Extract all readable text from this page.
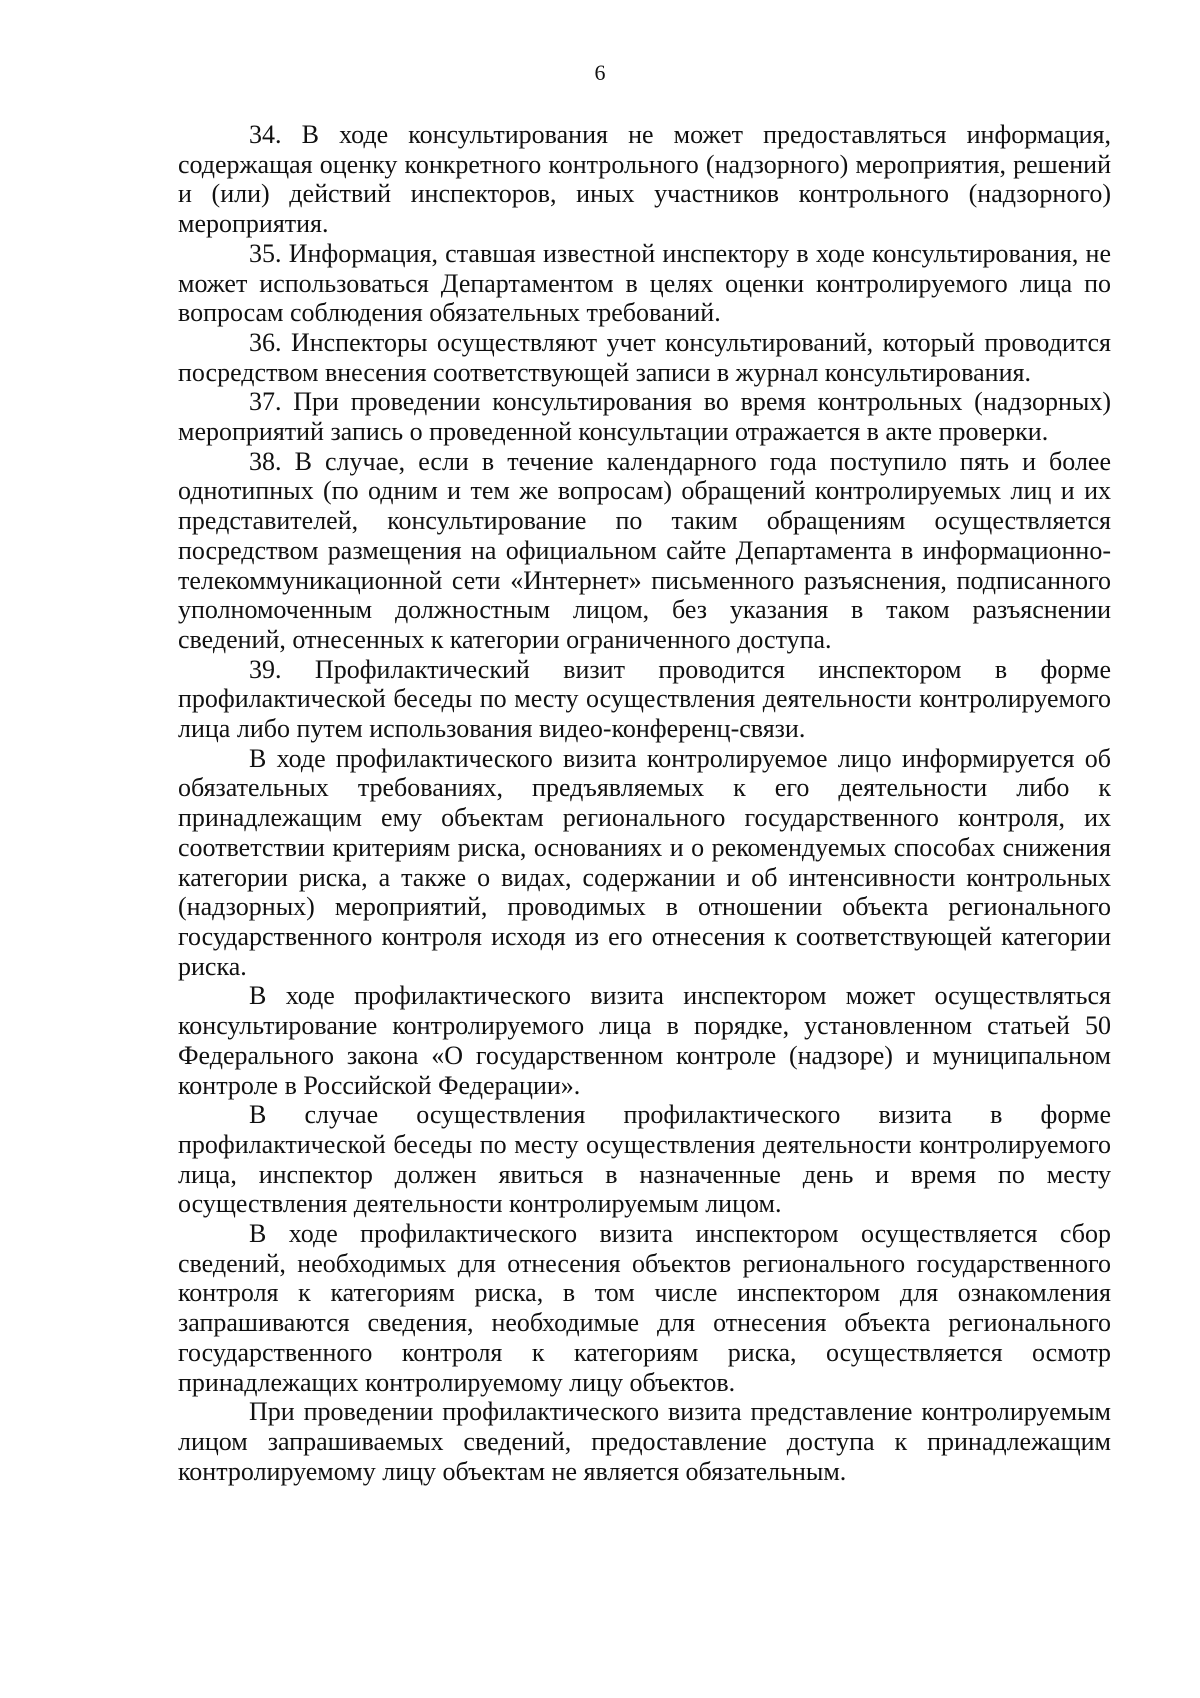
6

34. В ходе консультирования не может предоставляться информация, содержащая оценку конкретного контрольного (надзорного) мероприятия, решений и (или) действий инспекторов, иных участников контрольного (надзорного) мероприятия.

35. Информация, ставшая известной инспектору в ходе консультирования, не может использоваться Департаментом в целях оценки контролируемого лица по вопросам соблюдения обязательных требований.

36. Инспекторы осуществляют учет консультирований, который проводится посредством внесения соответствующей записи в журнал консультирования.

37. При проведении консультирования во время контрольных (надзорных) мероприятий запись о проведенной консультации отражается в акте проверки.

38. В случае, если в течение календарного года поступило пять и более однотипных (по одним и тем же вопросам) обращений контролируемых лиц и их представителей, консультирование по таким обращениям осуществляется посредством размещения на официальном сайте Департамента в информационно-телекоммуникационной сети «Интернет» письменного разъяснения, подписанного уполномоченным должностным лицом, без указания в таком разъяснении сведений, отнесенных к категории ограниченного доступа.

39. Профилактический визит проводится инспектором в форме профилактической беседы по месту осуществления деятельности контролируемого лица либо путем использования видео-конференц-связи.

В ходе профилактического визита контролируемое лицо информируется об обязательных требованиях, предъявляемых к его деятельности либо к принадлежащим ему объектам регионального государственного контроля, их соответствии критериям риска, основаниях и о рекомендуемых способах снижения категории риска, а также о видах, содержании и об интенсивности контрольных (надзорных) мероприятий, проводимых в отношении объекта регионального государственного контроля исходя из его отнесения к соответствующей категории риска.

В ходе профилактического визита инспектором может осуществляться консультирование контролируемого лица в порядке, установленном статьей 50 Федерального закона «О государственном контроле (надзоре) и муниципальном контроле в Российской Федерации».

В случае осуществления профилактического визита в форме профилактической беседы по месту осуществления деятельности контролируемого лица, инспектор должен явиться в назначенные день и время по месту осуществления деятельности контролируемым лицом.

В ходе профилактического визита инспектором осуществляется сбор сведений, необходимых для отнесения объектов регионального государственного контроля к категориям риска, в том числе инспектором для ознакомления запрашиваются сведения, необходимые для отнесения объекта регионального государственного контроля к категориям риска, осуществляется осмотр принадлежащих контролируемому лицу объектов.

При проведении профилактического визита представление контролируемым лицом запрашиваемых сведений, предоставление доступа к принадлежащим контролируемому лицу объектам не является обязательным.
